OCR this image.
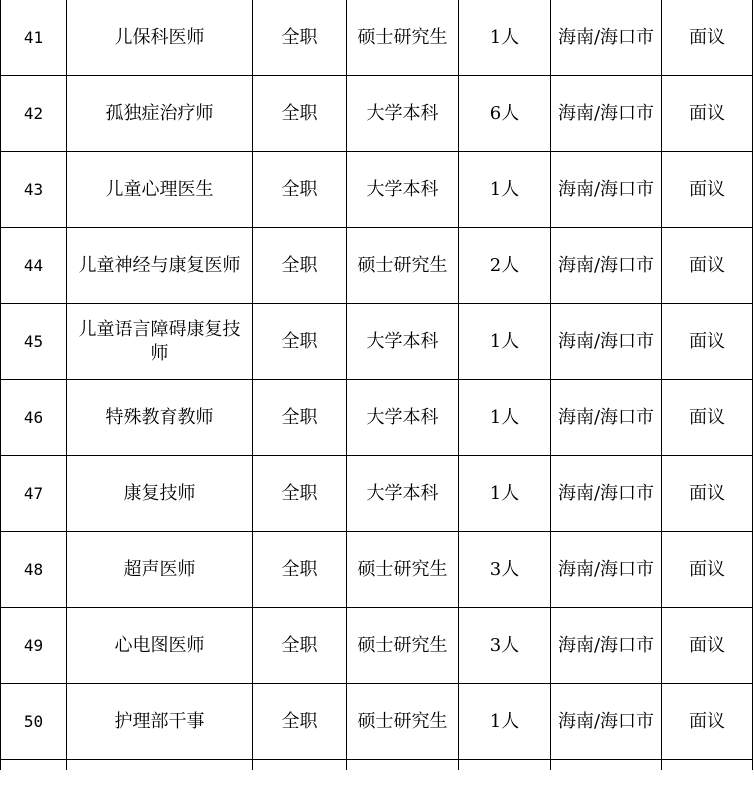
41	儿保科医师	全职	硕士研究生	1人	海南/海口市	面议
42	孤独症治疗师	全职	大学本科	6人	海南/海口市	面议
43	儿童心理医生	全职	大学本科	1人	海南/海口市	面议
44	儿童神经与康复医师	全职	硕士研究生	2人	海南/海口市	面议
45	儿童语言障碍康复技师	全职	大学本科	1人	海南/海口市	面议
46	特殊教育教师	全职	大学本科	1人	海南/海口市	面议
47	康复技师	全职	大学本科	1人	海南/海口市	面议
48	超声医师	全职	硕士研究生	3人	海南/海口市	面议
49	心电图医师	全职	硕士研究生	3人	海南/海口市	面议
50	护理部干事	全职	硕士研究生	1人	海南/海口市	面议
